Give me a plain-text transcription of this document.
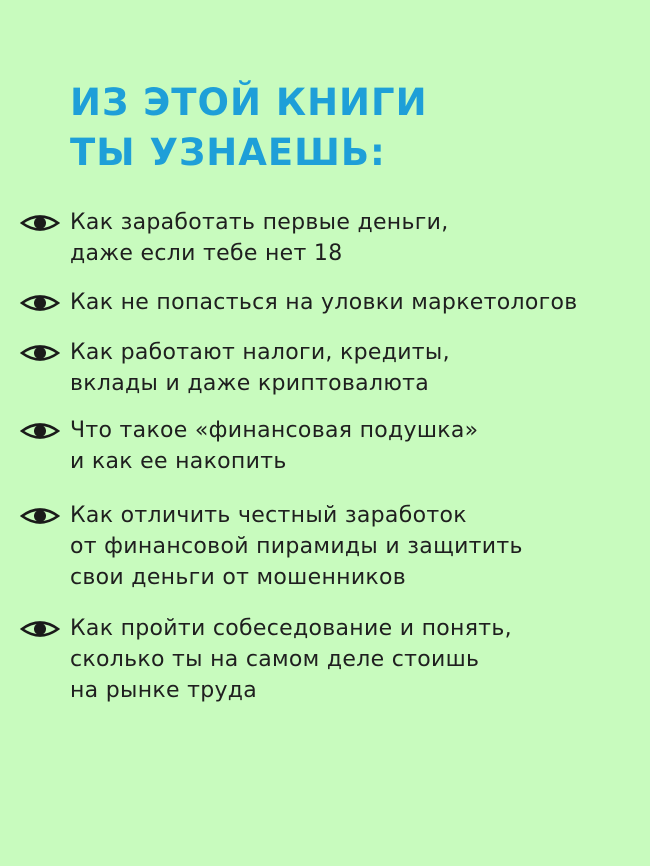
ИЗ ЭТОЙ КНИГИ
ТЫ УЗНАЕШЬ:
Как заработать первые деньги,
даже если тебе нет 18
Как не попасться на уловки маркетологов
Как работают налоги, кредиты,
вклады и даже криптовалюта
Что такое «финансовая подушка»
и как ее накопить
Как отличить честный заработок
от финансовой пирамиды и защитить
свои деньги от мошенников
Как пройти собеседование и понять,
сколько ты на самом деле стоишь
на рынке труда
